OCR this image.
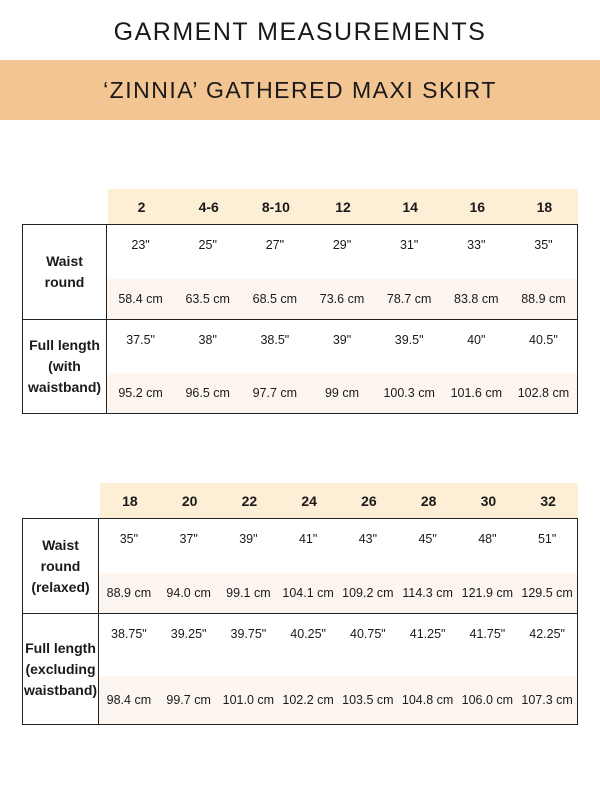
GARMENT MEASUREMENTS
‘ZINNIA’ GATHERED MAXI SKIRT
2	4-6	8-10	12	14	16	18
Waist
round
23"	25"	27"	29"	31"	33"	35"
58.4 cm	63.5 cm	68.5 cm	73.6 cm	78.7 cm	83.8 cm	88.9 cm
Full length
(with
waistband)
37.5"	38"	38.5"	39"	39.5"	40"	40.5"
95.2 cm	96.5 cm	97.7 cm	99 cm	100.3 cm	101.6 cm	102.8 cm
18	20	22	24	26	28	30	32
Waist
round
(relaxed)
35"	37"	39"	41"	43"	45"	48"	51"
88.9 cm	94.0 cm	99.1 cm 104.1 cm 109.2 cm 114.3 cm 121.9 cm 129.5 cm
Full length
(excluding
waistband)
38.75"	39.25"	39.75"	40.25"	40.75"	41.25"	41.75"	42.25"
98.4 cm	99.7 cm 101.0 cm 102.2 cm 103.5 cm 104.8 cm 106.0 cm 107.3 cm
